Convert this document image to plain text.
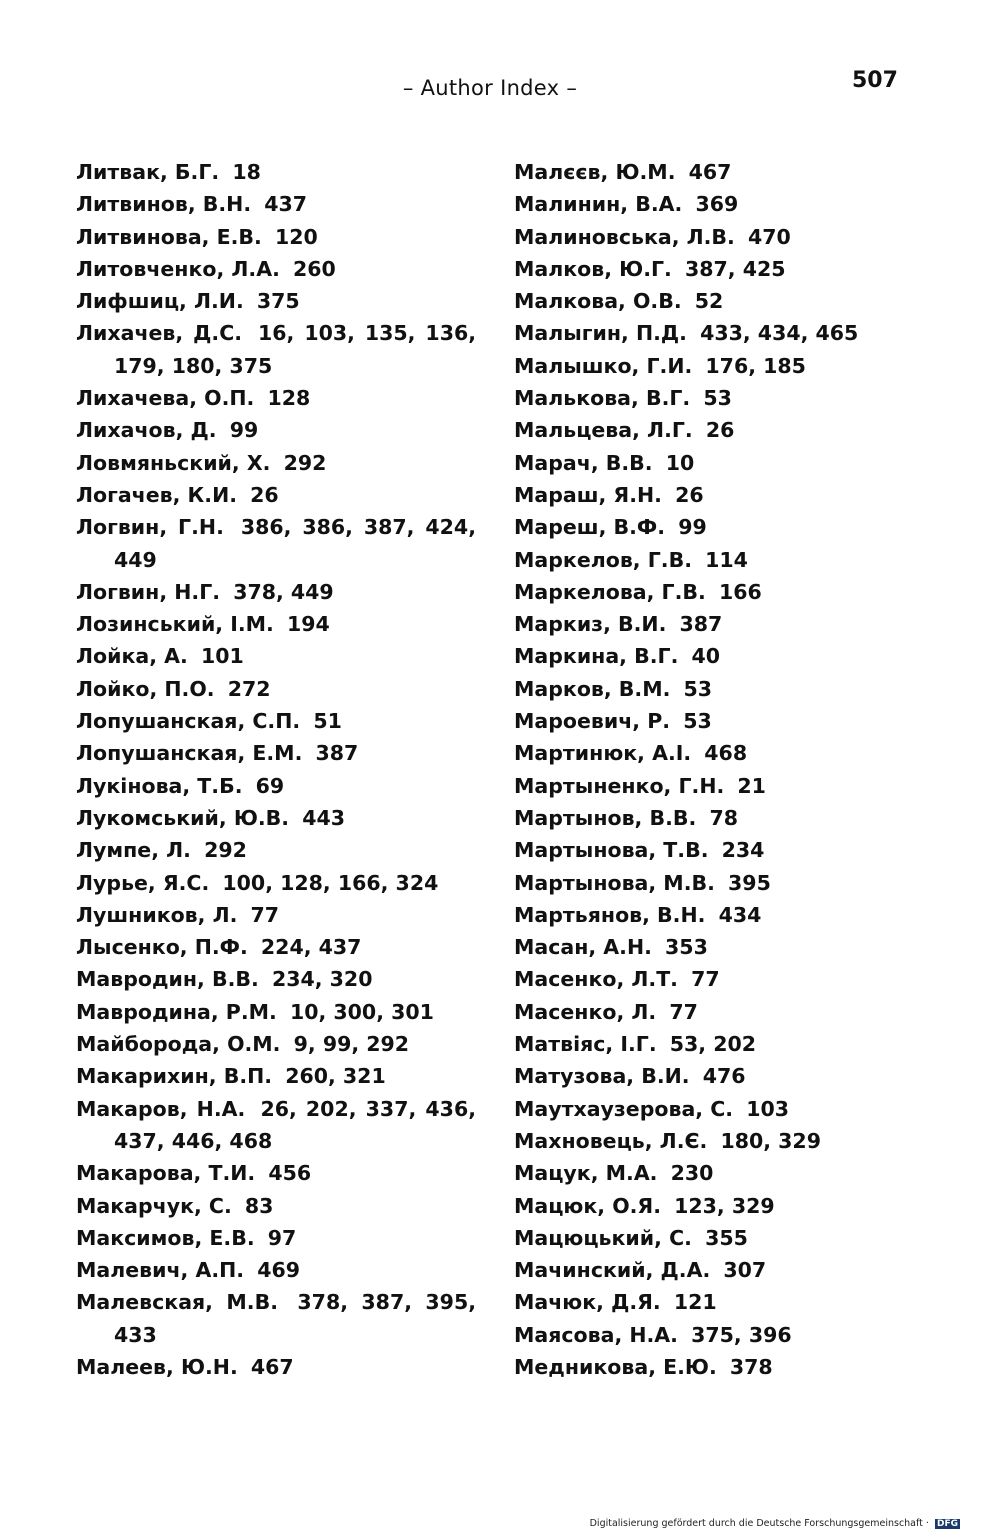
– Author Index –	507
Литвак, Б.Г. 18
Литвинов, В.Н. 437
Литвинова, Е.В. 120
Литовченко, Л.А. 260
Лифшиц, Л.И. 375
Лихачев, Д.С. 16, 103, 135, 136, 179, 180, 375
Лихачева, О.П. 128
Лихачов, Д. 99
Ловмяньский, Х. 292
Логачев, К.И. 26
Логвин, Г.Н. 386, 386, 387, 424, 449
Логвин, Н.Г. 378, 449
Лозинський, І.М. 194
Лойка, А. 101
Лойко, П.О. 272
Лопушанская, С.П. 51
Лопушанская, Е.М. 387
Лукінова, Т.Б. 69
Лукомський, Ю.В. 443
Лумпе, Л. 292
Лурье, Я.С. 100, 128, 166, 324
Лушников, Л. 77
Лысенко, П.Ф. 224, 437
Мавродин, В.В. 234, 320
Мавродина, Р.М. 10, 300, 301
Майборода, О.М. 9, 99, 292
Макарихин, В.П. 260, 321
Макаров, Н.А. 26, 202, 337, 436, 437, 446, 468
Макарова, Т.И. 456
Макарчук, С. 83
Максимов, Е.В. 97
Малевич, А.П. 469
Малевская, М.В. 378, 387, 395, 433
Малеев, Ю.Н. 467
Малєєв, Ю.М. 467
Малинин, В.А. 369
Малиновська, Л.В. 470
Малков, Ю.Г. 387, 425
Малкова, О.В. 52
Малыгин, П.Д. 433, 434, 465
Малышко, Г.И. 176, 185
Малькова, В.Г. 53
Мальцева, Л.Г. 26
Марач, В.В. 10
Мараш, Я.Н. 26
Мареш, В.Ф. 99
Маркелов, Г.В. 114
Маркелова, Г.В. 166
Маркиз, В.И. 387
Маркина, В.Г. 40
Марков, В.М. 53
Мароевич, Р. 53
Мартинюк, А.І. 468
Мартыненко, Г.Н. 21
Мартынов, В.В. 78
Мартынова, Т.В. 234
Мартынова, М.В. 395
Мартьянов, В.Н. 434
Масан, А.Н. 353
Масенко, Л.Т. 77
Масенко, Л. 77
Матвіяс, І.Г. 53, 202
Матузова, В.И. 476
Маутхаузерова, С. 103
Махновець, Л.Є. 180, 329
Мацук, М.А. 230
Мацюк, О.Я. 123, 329
Мацюцький, С. 355
Мачинский, Д.А. 307
Мачюк, Д.Я. 121
Маясова, Н.А. 375, 396
Медникова, Е.Ю. 378
Digitalisierung gefördert durch die Deutsche Forschungsgemeinschaft · DFG
